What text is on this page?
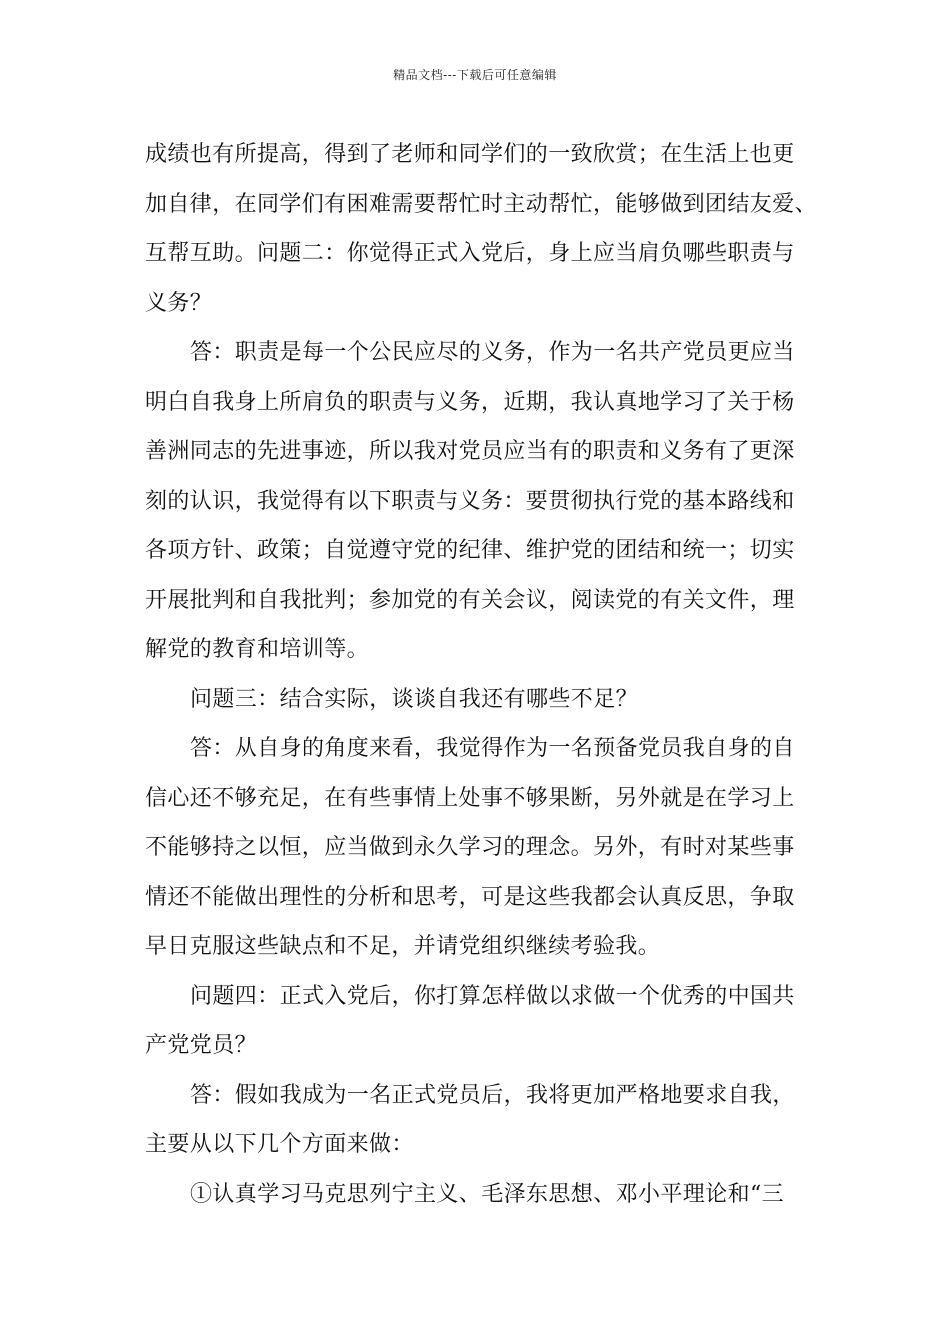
精品文档---下载后可任意编辑
成绩也有所提高，得到了老师和同学们的一致欣赏；在生活上也更
加自律，在同学们有困难需要帮忙时主动帮忙，能够做到团结友爱、
互帮互助。问题二：你觉得正式入党后，身上应当肩负哪些职责与
义务？
答：职责是每一个公民应尽的义务，作为一名共产党员更应当
明白自我身上所肩负的职责与义务，近期，我认真地学习了关于杨
善洲同志的先进事迹，所以我对党员应当有的职责和义务有了更深
刻的认识，我觉得有以下职责与义务：要贯彻执行党的基本路线和
各项方针、政策；自觉遵守党的纪律、维护党的团结和统一；切实
开展批判和自我批判；参加党的有关会议，阅读党的有关文件，理
解党的教育和培训等。
问题三：结合实际，谈谈自我还有哪些不足？
答：从自身的角度来看，我觉得作为一名预备党员我自身的自
信心还不够充足，在有些事情上处事不够果断，另外就是在学习上
不能够持之以恒，应当做到永久学习的理念。另外，有时对某些事
情还不能做出理性的分析和思考，可是这些我都会认真反思，争取
早日克服这些缺点和不足，并请党组织继续考验我。
问题四：正式入党后，你打算怎样做以求做一个优秀的中国共
产党党员？
答：假如我成为一名正式党员后，我将更加严格地要求自我，
主要从以下几个方面来做：
①认真学习马克思列宁主义、毛泽东思想、邓小平理论和“三
